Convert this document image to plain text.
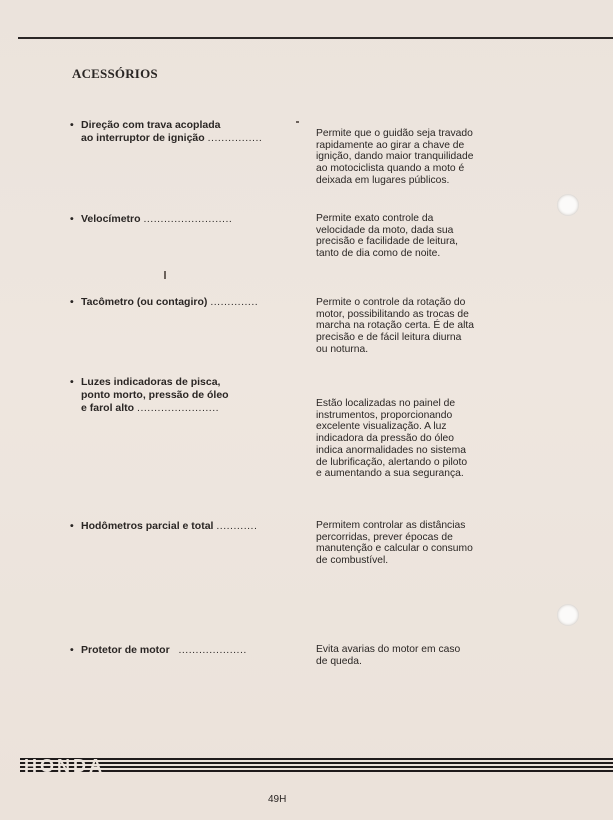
ACESSÓRIOS
• Direção com trava acoplada
ao interruptor de ignição ................	Permite que o guidão seja travado
rapidamente ao girar a chave de
ignição, dando maior tranquilidade
ao motociclista quando a moto é
deixada em lugares públicos.
• Velocímetro ..........................	Permite exato controle da
velocidade da moto, dada sua
precisão e facilidade de leitura,
tanto de dia como de noite.
• Tacômetro (ou contagiro) ..............	Permite o controle da rotação do
motor, possibilitando as trocas de
marcha na rotação certa. É de alta
precisão e de fácil leitura diurna
ou noturna.
• Luzes indicadoras de pisca,
ponto morto, pressão de óleo
e farol alto ........................	Estão localizadas no painel de
instrumentos, proporcionando
excelente visualização. A luz
indicadora da pressão do óleo
indica anormalidades no sistema
de lubrificação, alertando o piloto
e aumentando a sua segurança.
• Hodômetros parcial e total ............	Permitem controlar as distâncias
percorridas, prever épocas de
manutenção e calcular o consumo
de combustível.
• Protetor de motor ....................	Evita avarias do motor em caso
de queda.
HONDA
49H
